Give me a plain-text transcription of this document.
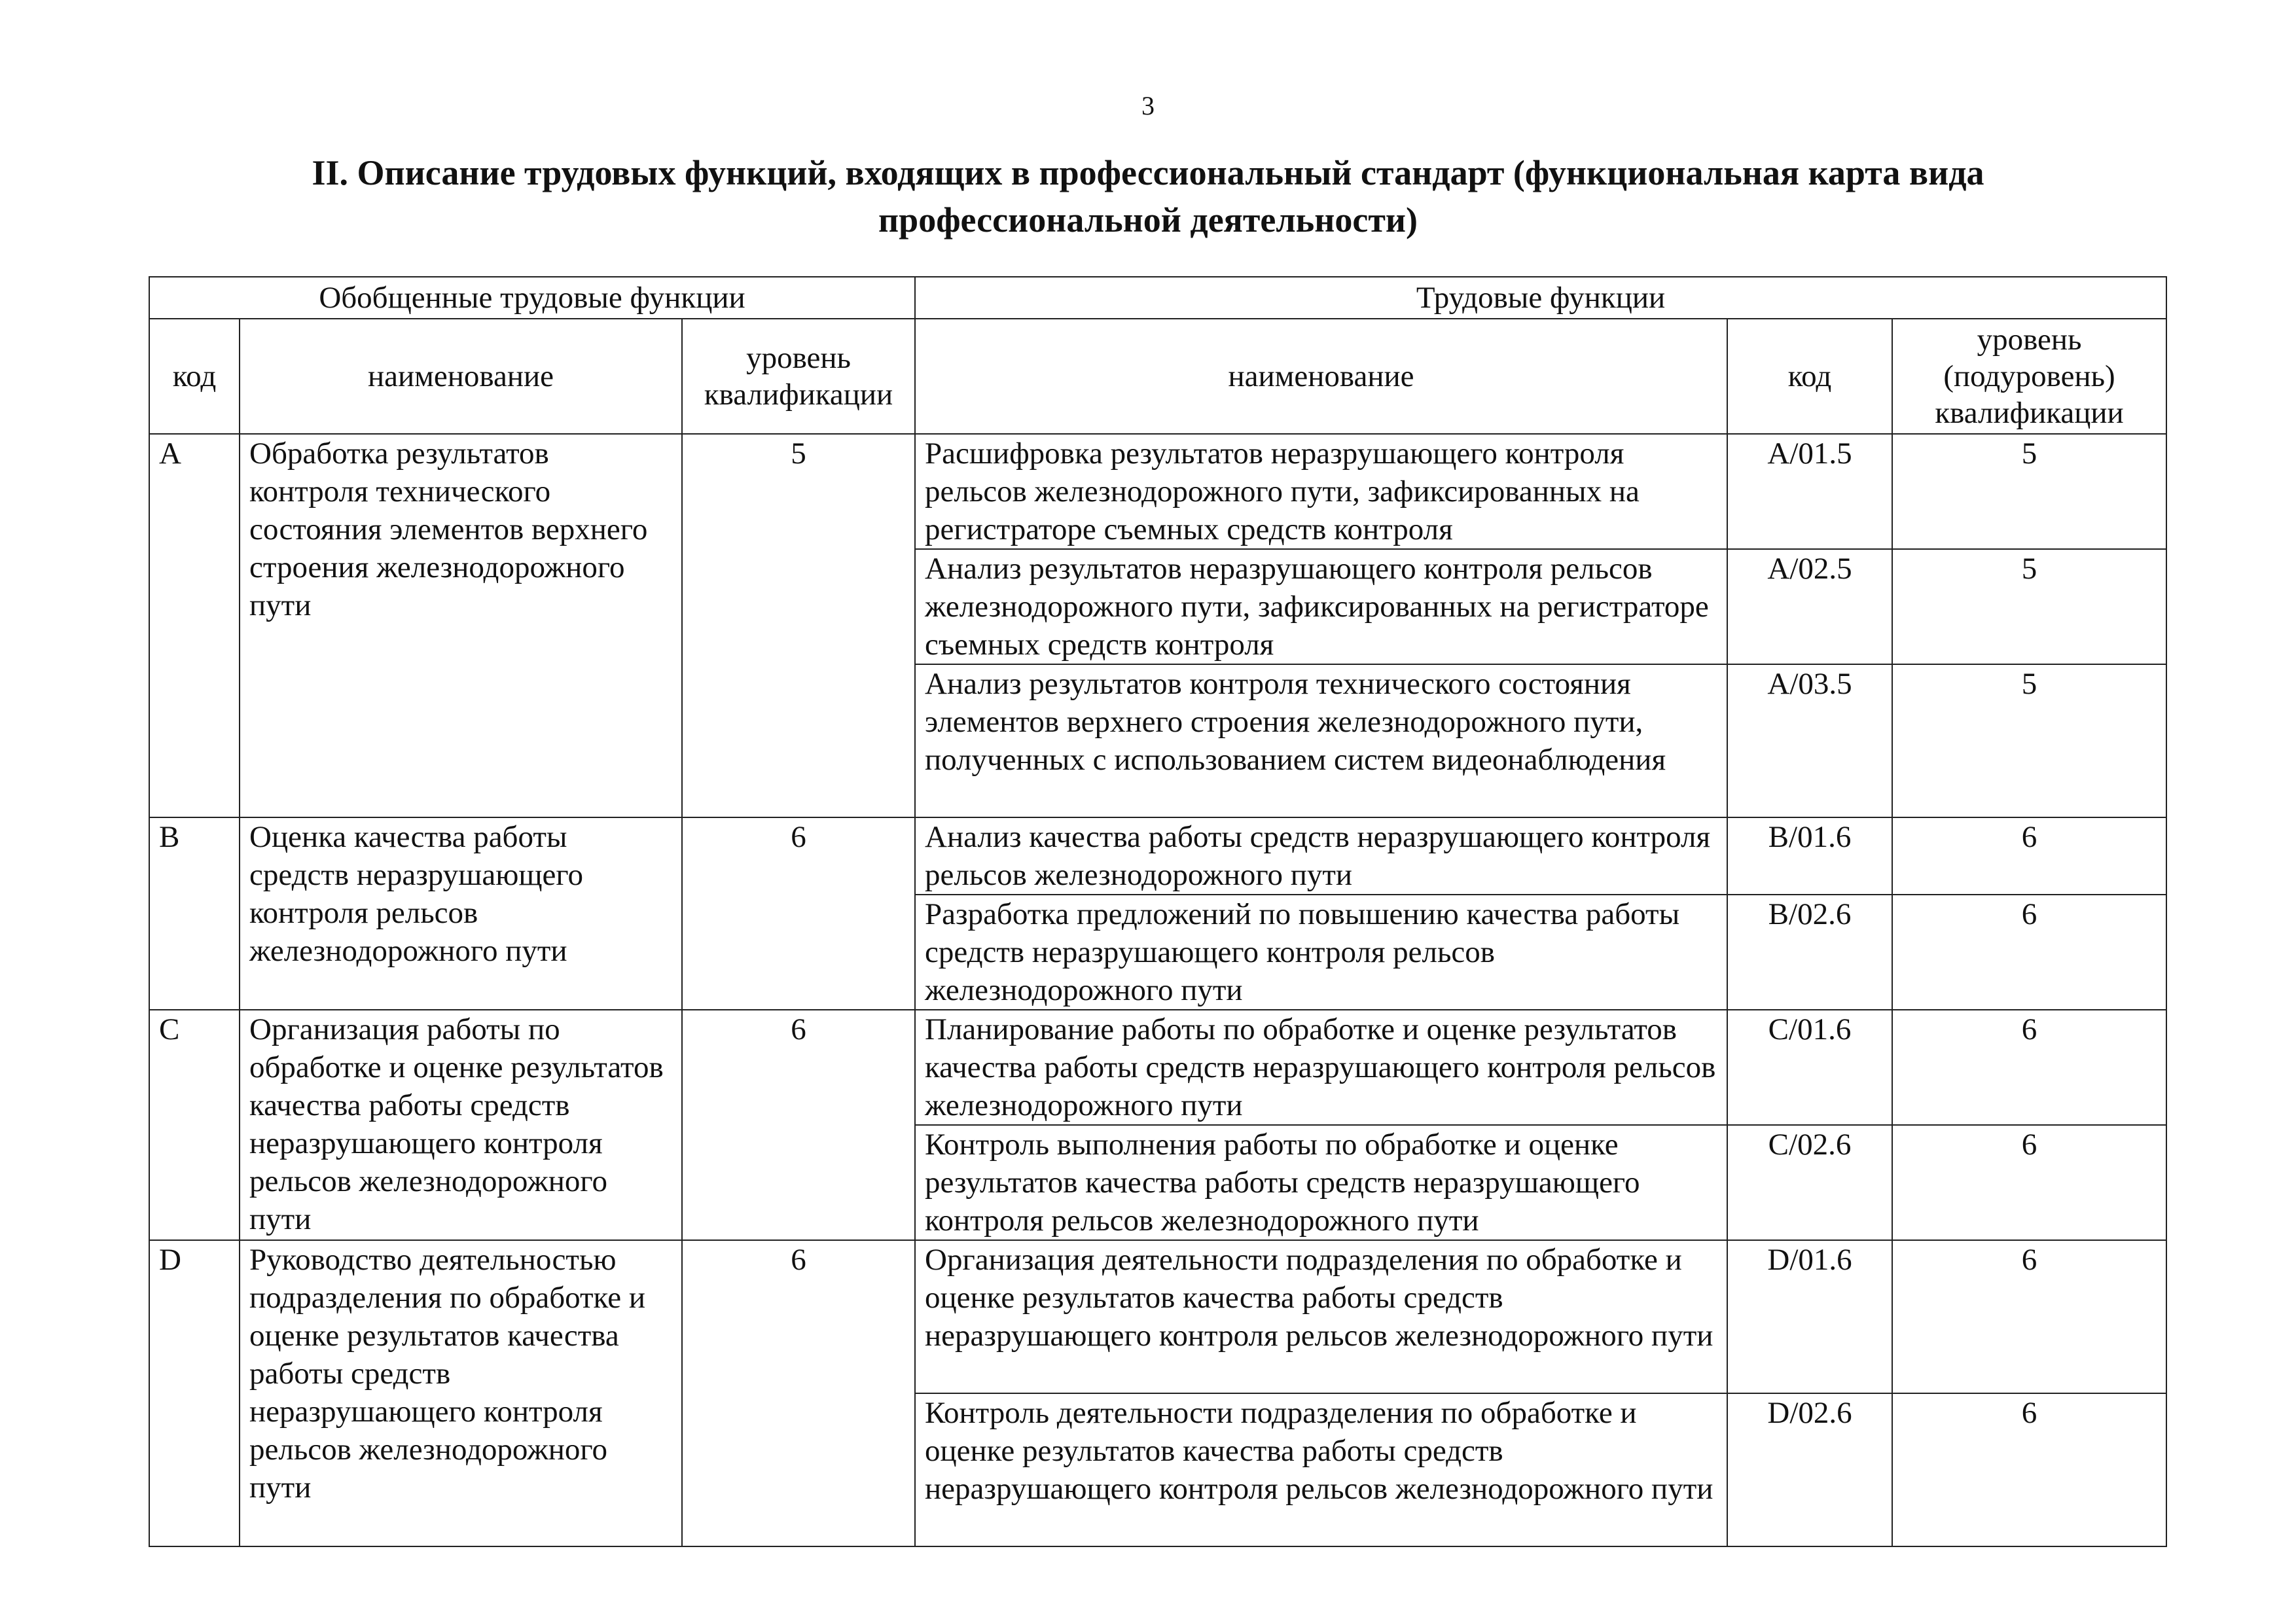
3
II. Описание трудовых функций, входящих в профессиональный стандарт (функциональная карта вида
профессиональной деятельности)
Обобщенные трудовые функции			Трудовые функции		
код	наименование	уровень квалификации	наименование	код	уровень (подуровень) квалификации
A	Обработка результатов контроля технического состояния элементов верхнего строения железнодорожного пути	5	Расшифровка результатов неразрушающего контроля рельсов железнодорожного пути, зафиксированных на регистраторе съемных средств контроля	A/01.5	5
			Анализ результатов неразрушающего контроля рельсов железнодорожного пути, зафиксированных на регистраторе съемных средств контроля	A/02.5	5
			Анализ результатов контроля технического состояния элементов верхнего строения железнодорожного пути, полученных с использованием систем видеонаблюдения	A/03.5	5
B	Оценка качества работы средств неразрушающего контроля рельсов железнодорожного пути	6	Анализ качества работы средств неразрушающего контроля рельсов железнодорожного пути	B/01.6	6
			Разработка предложений по повышению качества работы средств неразрушающего контроля рельсов железнодорожного пути	B/02.6	6
C	Организация работы по обработке и оценке результатов качества работы средств неразрушающего контроля рельсов железнодорожного пути	6	Планирование работы по обработке и оценке результатов качества работы средств неразрушающего контроля рельсов железнодорожного пути	C/01.6	6
			Контроль выполнения работы по обработке и оценке результатов качества работы средств неразрушающего контроля рельсов железнодорожного пути	C/02.6	6
D	Руководство деятельностью подразделения по обработке и оценке результатов качества работы средств неразрушающего контроля рельсов железнодорожного пути	6	Организация деятельности подразделения по обработке и оценке результатов качества работы средств неразрушающего контроля рельсов железнодорожного пути	D/01.6	6
			Контроль деятельности подразделения по обработке и оценке результатов качества работы средств неразрушающего контроля рельсов железнодорожного пути	D/02.6	6
